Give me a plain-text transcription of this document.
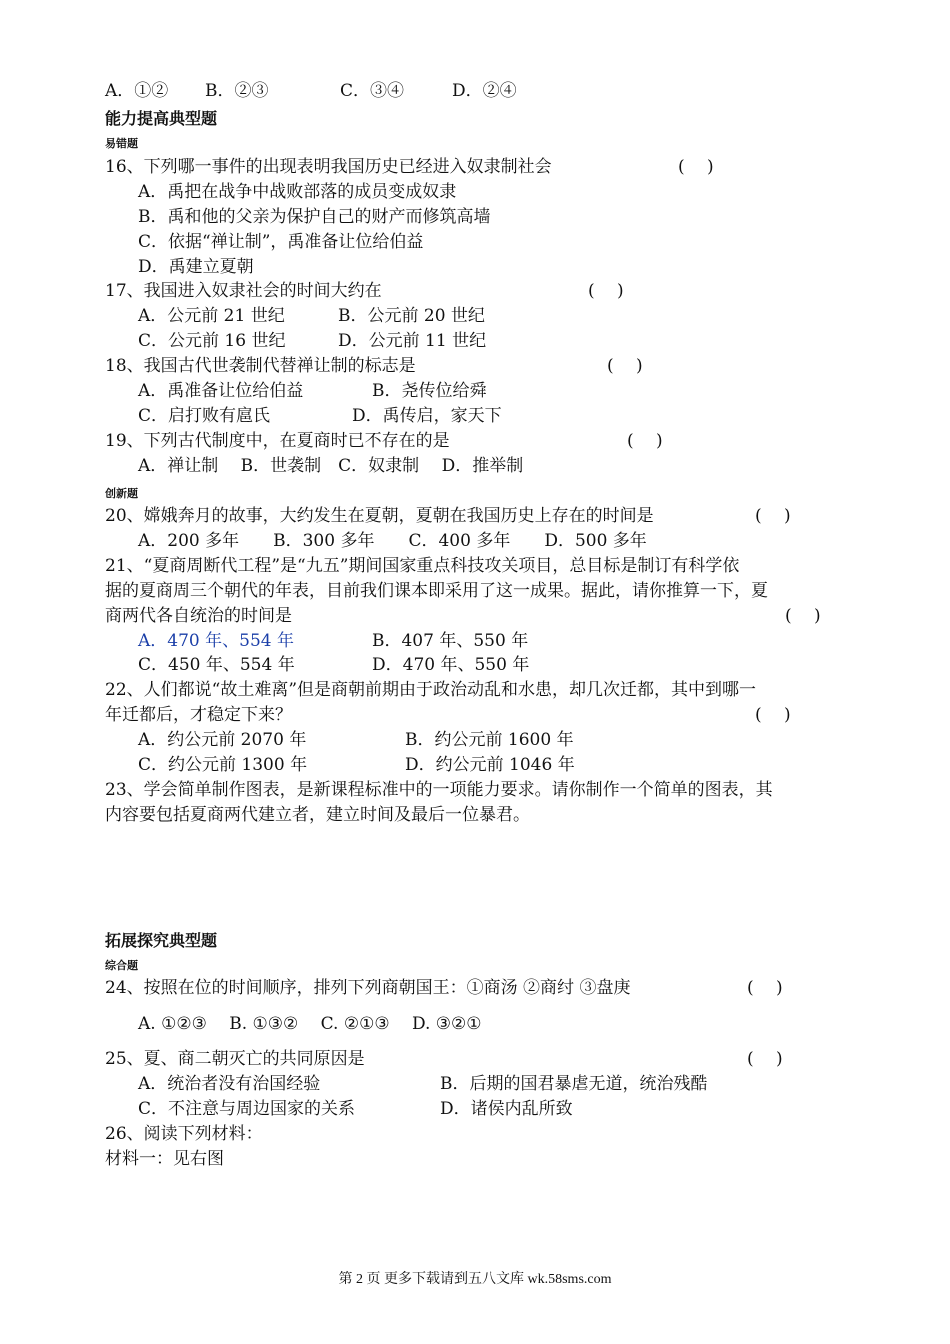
A．①② B．②③	C．③④	D．②④
能力提高典型题
易错题
16、下列哪一事件的出现表明我国历史已经进入奴隶制社会	(　 )
A．禹把在战争中战败部落的成员变成奴隶
B．禹和他的父亲为保护自己的财产而修筑高墙
C．依据“禅让制”，禹准备让位给伯益
D．禹建立夏朝
17、我国进入奴隶社会的时间大约在	(　 )
A．公元前 21 世纪	B．公元前 20 世纪
C．公元前 16 世纪	D．公元前 11 世纪
18、我国古代世袭制代替禅让制的标志是	(　 )
A．禹准备让位给伯益	B．尧传位给舜
C．启打败有扈氏	D．禹传启，家天下
19、下列古代制度中，在夏商时已不存在的是	(　 )
A．禅让制　 B．世袭制　C．奴隶制　 D．推举制
创新题
20、嫦娥奔月的故事，大约发生在夏朝，夏朝在我国历史上存在的时间是	(　 )
A．200 多年　　B．300 多年　　C．400 多年　　D．500 多年
21、“夏商周断代工程”是“九五”期间国家重点科技攻关项目，总目标是制订有科学依
据的夏商周三个朝代的年表，目前我们课本即采用了这一成果。据此，请你推算一下，夏
商两代各自统治的时间是	(　 )
A．470 年、554 年	B．407 年、550 年
C．450 年、554 年	D．470 年、550 年
22、人们都说“故土难离”但是商朝前期由于政治动乱和水患，却几次迁都，其中到哪一
年迁都后，才稳定下来？	(　 )
A．约公元前 2070 年	B．约公元前 1600 年
C．约公元前 1300 年	D．约公元前 1046 年
23、学会简单制作图表，是新课程标准中的一项能力要求。请你制作一个简单的图表，其
内容要包括夏商两代建立者，建立时间及最后一位暴君。
拓展探究典型题
综合题
24、按照在位的时间顺序，排列下列商朝国王：①商汤 ②商纣 ③盘庚	(　 )
A. ①②③　 B. ①③②　 C. ②①③　 D. ③②①
25、夏、商二朝灭亡的共同原因是	(　 )
A．统治者没有治国经验	B．后期的国君暴虐无道，统治残酷
C．不注意与周边国家的关系	D．诸侯内乱所致
26、阅读下列材料：
材料一：见右图
第 2 页 更多下载请到五八文库 wk.58sms.com
